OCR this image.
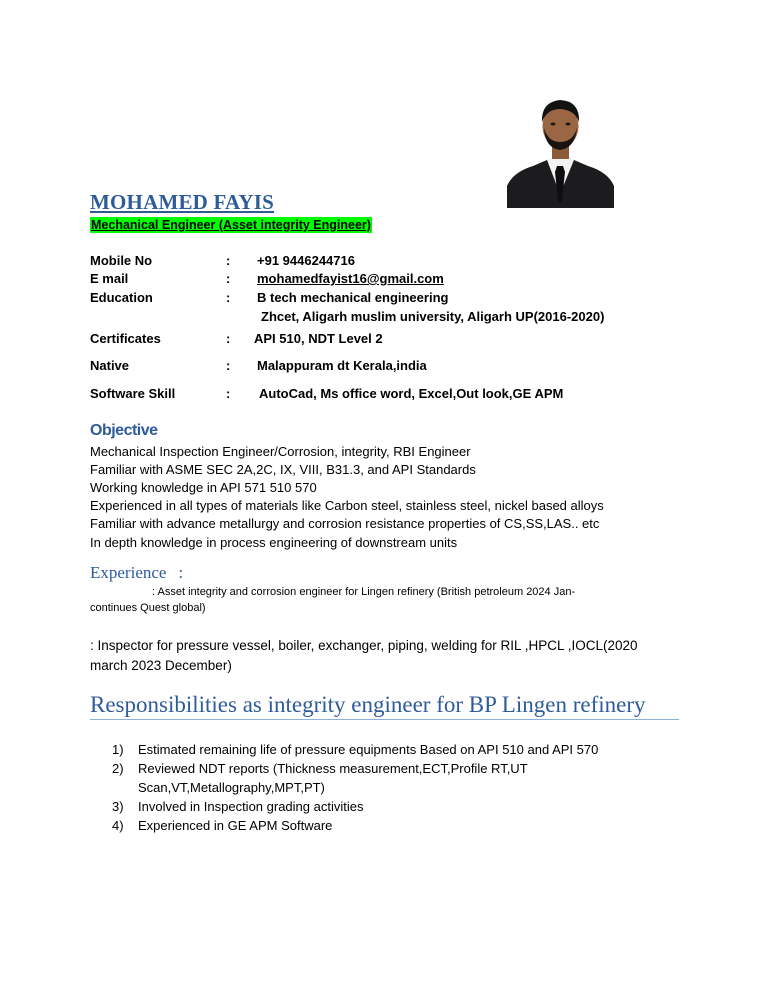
MOHAMED FAYIS
Mechanical Engineer (Asset integrity Engineer)
Mobile No	: +91 9446244716
E mail	: mohamedfayist16@gmail.com
Education	: B tech mechanical engineering
Zhcet, Aligarh muslim university, Aligarh UP(2016-2020)
Certificates	: API 510, NDT Level 2
Native	: Malappuram dt Kerala,india
Software Skill	: AutoCad, Ms office word, Excel,Out look,GE APM
Objective
Mechanical Inspection Engineer/Corrosion, integrity, RBI Engineer
Familiar with ASME SEC 2A,2C, IX, VIII, B31.3, and API Standards
Working knowledge in API 571 510 570
Experienced in all types of materials like Carbon steel, stainless steel, nickel based alloys
Familiar with advance metallurgy and corrosion resistance properties of CS,SS,LAS.. etc
In depth knowledge in process engineering of downstream units
Experience :
: Asset integrity and corrosion engineer for Lingen refinery (British petroleum 2024 Jan-
continues Quest global)
: Inspector for pressure vessel, boiler, exchanger, piping, welding for RIL ,HPCL ,IOCL(2020 march 2023 December)
Responsibilities as integrity engineer for BP Lingen refinery
1) Estimated remaining life of pressure equipments Based on API 510 and API 570
2) Reviewed NDT reports (Thickness measurement,ECT,Profile RT,UT Scan,VT,Metallography,MPT,PT)
3) Involved in Inspection grading activities
4) Experienced in GE APM Software
